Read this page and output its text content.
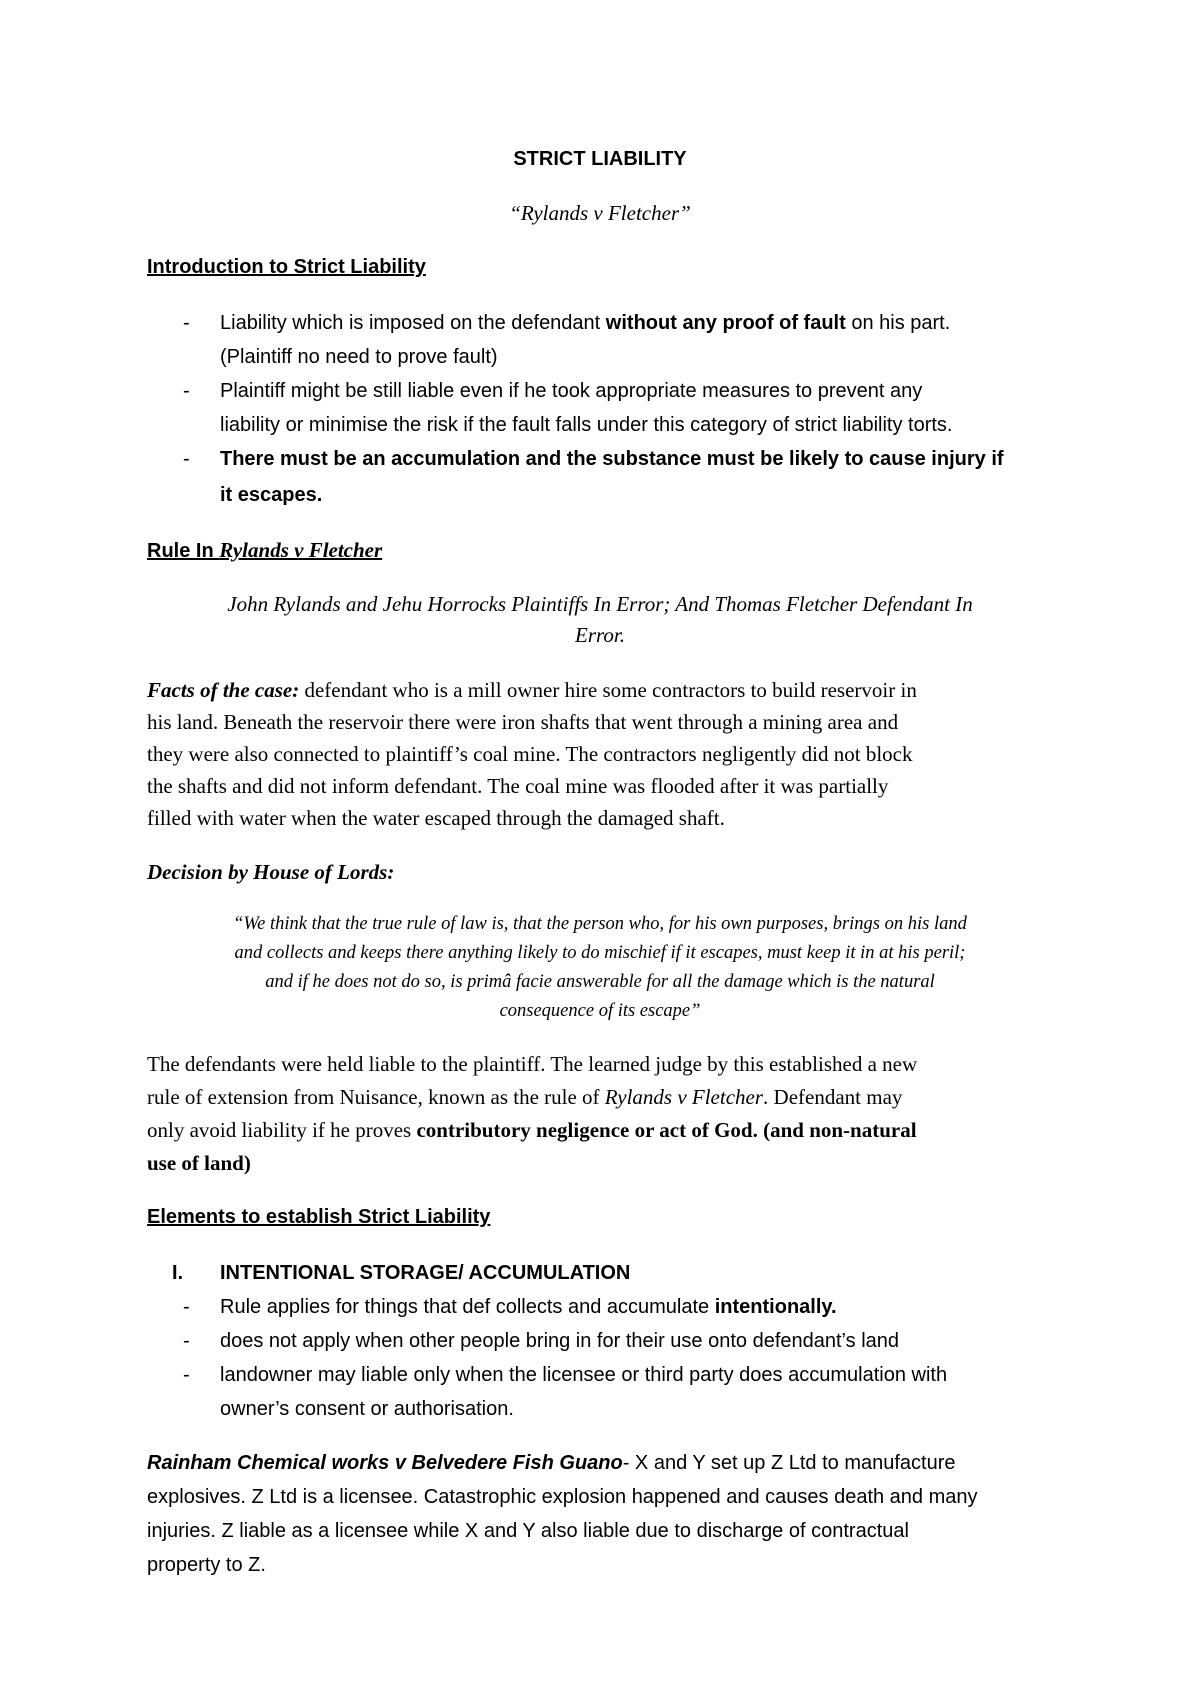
STRICT LIABILITY

“Rylands v Fletcher”

Introduction to Strict Liability

- Liability which is imposed on the defendant without any proof of fault on his part.

(Plaintiff no need to prove fault)

- Plaintiff might be still liable even if he took appropriate measures to prevent any

liability or minimise the risk if the fault falls under this category of strict liability torts.

- There must be an accumulation and the substance must be likely to cause injury if

it escapes.

Rule In Rylands v Fletcher

John Rylands and Jehu Horrocks Plaintiffs In Error; And Thomas Fletcher Defendant In

Error.

Facts of the case: defendant who is a mill owner hire some contractors to build reservoir in

his land. Beneath the reservoir there were iron shafts that went through a mining area and

they were also connected to plaintiff’s coal mine. The contractors negligently did not block

the shafts and did not inform defendant. The coal mine was flooded after it was partially

filled with water when the water escaped through the damaged shaft.

Decision by House of Lords:

“We think that the true rule of law is, that the person who, for his own purposes, brings on his land

and collects and keeps there anything likely to do mischief if it escapes, must keep it in at his peril;

and if he does not do so, is primâ facie answerable for all the damage which is the natural

consequence of its escape”

The defendants were held liable to the plaintiff. The learned judge by this established a new

rule of extension from Nuisance, known as the rule of Rylands v Fletcher. Defendant may

only avoid liability if he proves contributory negligence or act of God. (and non-natural

use of land)

Elements to establish Strict Liability

I. INTENTIONAL STORAGE/ ACCUMULATION

- Rule applies for things that def collects and accumulate intentionally.

- does not apply when other people bring in for their use onto defendant’s land

- landowner may liable only when the licensee or third party does accumulation with

owner’s consent or authorisation.

Rainham Chemical works v Belvedere Fish Guano- X and Y set up Z Ltd to manufacture

explosives. Z Ltd is a licensee. Catastrophic explosion happened and causes death and many

injuries. Z liable as a licensee while X and Y also liable due to discharge of contractual

property to Z.
